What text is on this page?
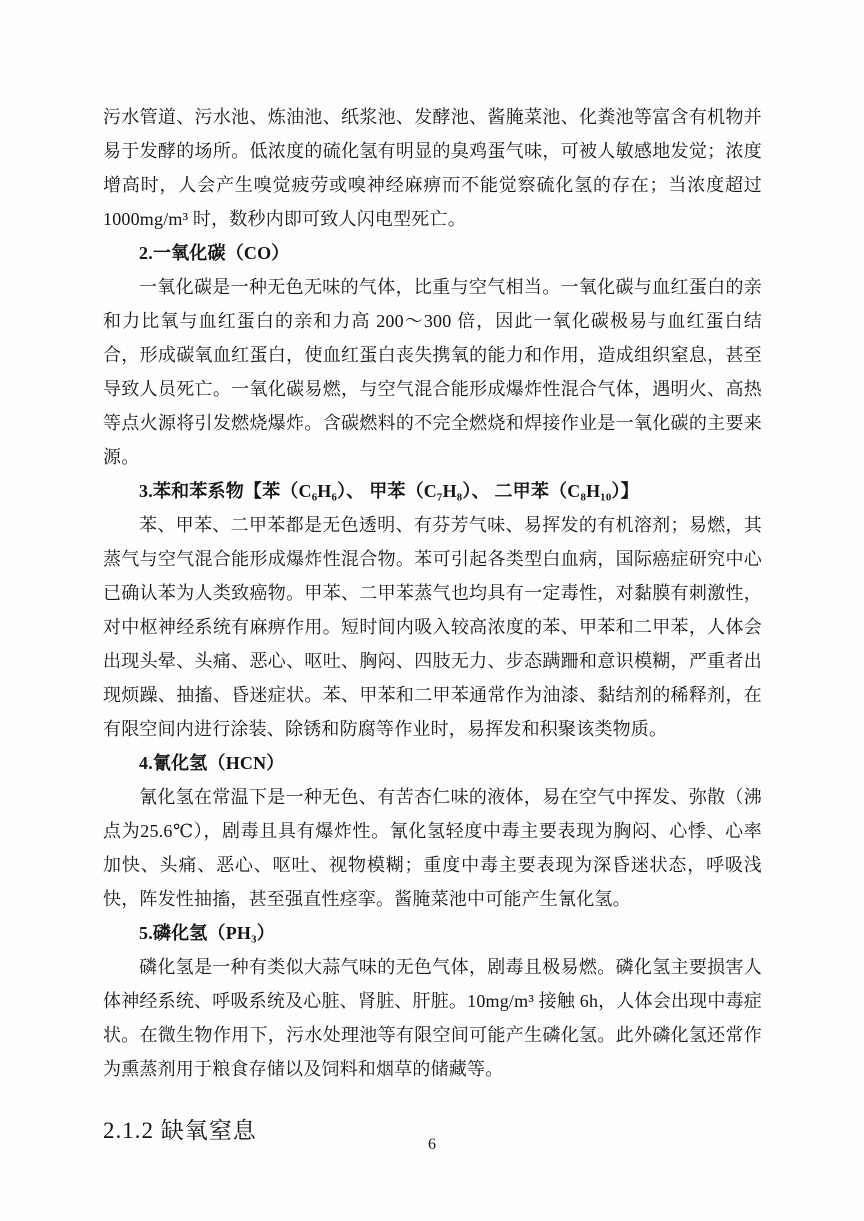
污水管道、污水池、炼油池、纸浆池、发酵池、酱腌菜池、化粪池等富含有机物并易于发酵的场所。低浓度的硫化氢有明显的臭鸡蛋气味，可被人敏感地发觉；浓度增高时，人会产生嗅觉疲劳或嗅神经麻痹而不能觉察硫化氢的存在；当浓度超过 1000mg/m³ 时，数秒内即可致人闪电型死亡。

2.一氧化碳（CO）

一氧化碳是一种无色无味的气体，比重与空气相当。一氧化碳与血红蛋白的亲和力比氧与血红蛋白的亲和力高 200～300 倍，因此一氧化碳极易与血红蛋白结合，形成碳氧血红蛋白，使血红蛋白丧失携氧的能力和作用，造成组织窒息，甚至导致人员死亡。一氧化碳易燃，与空气混合能形成爆炸性混合气体，遇明火、高热等点火源将引发燃烧爆炸。含碳燃料的不完全燃烧和焊接作业是一氧化碳的主要来源。

3.苯和苯系物【苯（C₆H₆）、 甲苯（C₇H₈）、 二甲苯（C₈H₁₀）】

苯、甲苯、二甲苯都是无色透明、有芬芳气味、易挥发的有机溶剂；易燃，其蒸气与空气混合能形成爆炸性混合物。苯可引起各类型白血病，国际癌症研究中心已确认苯为人类致癌物。甲苯、二甲苯蒸气也均具有一定毒性，对黏膜有刺激性，对中枢神经系统有麻痹作用。短时间内吸入较高浓度的苯、甲苯和二甲苯，人体会出现头晕、头痛、恶心、呕吐、胸闷、四肢无力、步态蹒跚和意识模糊，严重者出现烦躁、抽搐、昏迷症状。苯、甲苯和二甲苯通常作为油漆、黏结剂的稀释剂，在有限空间内进行涂装、除锈和防腐等作业时，易挥发和积聚该类物质。

4.氰化氢（HCN）

氰化氢在常温下是一种无色、有苦杏仁味的液体，易在空气中挥发、弥散（沸点为25.6℃），剧毒且具有爆炸性。氰化氢轻度中毒主要表现为胸闷、心悸、心率加快、头痛、恶心、呕吐、视物模糊；重度中毒主要表现为深昏迷状态，呼吸浅快，阵发性抽搐，甚至强直性痉挛。酱腌菜池中可能产生氰化氢。

5.磷化氢（PH₃）

磷化氢是一种有类似大蒜气味的无色气体，剧毒且极易燃。磷化氢主要损害人体神经系统、呼吸系统及心脏、肾脏、肝脏。10mg/m³ 接触 6h，人体会出现中毒症状。在微生物作用下，污水处理池等有限空间可能产生磷化氢。此外磷化氢还常作为熏蒸剂用于粮食存储以及饲料和烟草的储藏等。

2.1.2 缺氧窒息
6
